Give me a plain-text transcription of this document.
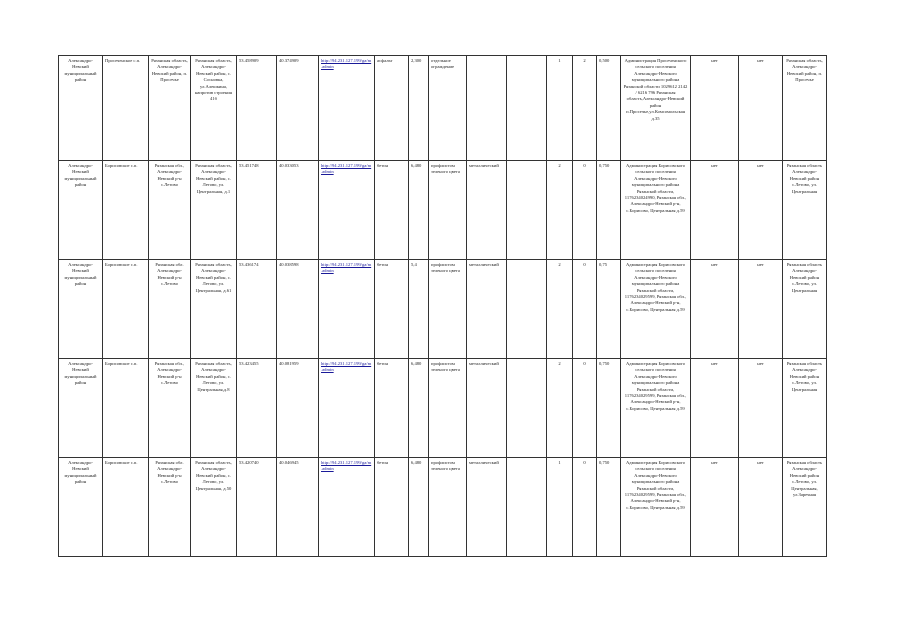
Александро-Невский муниципальный район	Просеченское с.п.	Рязанская область, Александро-Невский район, п. Просечье	Рязанская область, Александро-Невский район, с. Сосновка, ул.Алешкина, напротив строения 41б	53.458909	40.374909	http://94.231.127.199/ga/m.admin	асфальт	2,300	отдельное ограждение			1	2	0,500	Администрация Просеченского сельского поселения Александро-Невского муниципального района Рязанской области 1029612 2142 / 6216 796 Рязанская область,Александро-Невский район п.Просечье,ул.Комсомольская д.35	нет	нет	Рязанская область, Александро-Невский район, п. Просечье
Александро-Невский муниципальный район	Борисовское с.п.	Рязанская обл., Александро-Невский р-н с.Летово	Рязанская область, Александро-Невский район, с. Летово, ул. Центральная, д.1	53.451748	40.033053	http://94.231.127.199/ga/m.admin	бетон	6,480	профлистом зеленого цвета	металлический		2	0	0,750	Администрация Борисовского сельского поселения Александро-Невского муниципального района Рязанской области, 1176234024990, Рязанская обл., Александро-Невский р-н, с.Борисово, Центральная д.59	нет	нет	Рязанская область Александро-Невский район с.Летово, ул. Центральная
Александро-Невский муниципальный район	Борисовское с.п.	Рязанская обл. Александро-Невский р-н с.Летово	Рязанская область, Александро-Невский район, с. Летово, ул. Центральная, д.61	53.436174	40.038598	http://94.231.127.199/ga/m.admin	бетон	5,4	профлистом зеленого цвета	металлический		2	0	0,75	Администрация Борисовского сельского поселения Александро-Невского муниципального района Рязанской области, 1176234029599, Рязанская обл., Александро-Невский р-н, с.Борисово, Центральная д.59	нет	нет	Рязанская область Александро-Невский район с.Летово, ул. Центральная
Александро-Невский муниципальный район	Борисовское с.п.	Рязанская обл., Александро-Невский р-н с.Летово	Рязанская область, Александро-Невский район, с. Летово, ул. Центральная,д.8	53.423455	40.081959	http://94.231.127.199/ga/m.admin	бетон	6,480	профлистом зеленого цвета	металлический		2	0	0,750	Администрация Борисовского сельского поселения Александро-Невского муниципального района Рязанской области, 1176234029599, Рязанская обл., Александро-Невский р-н, с.Борисово, Центральная д.59	нет	нет	Рязанская область Александро-Невский район с.Летово, ул. Центральная
Александро-Невский муниципальный район	Борисовское с.п.	Рязанская обл. Александро-Невский р-н с.Летово	Рязанская область, Александро-Невский район, с. Летово, ул. Центральная, д.50	53.420740	40.046945	http://94.231.127.199/ga/m.admin	бетон	6,480	профлистом зеленого цвета	металлический		1	0	0,750	Администрация Борисовского сельского поселения Александро-Невского муниципального района Рязанской области, 1176234029599, Рязанская обл., Александро-Невский р-н, с.Борисово, Центральная д.59	нет	нет	Рязанская область Александро-Невский район с.Летово, ул. Центральная, ул.Заречная
